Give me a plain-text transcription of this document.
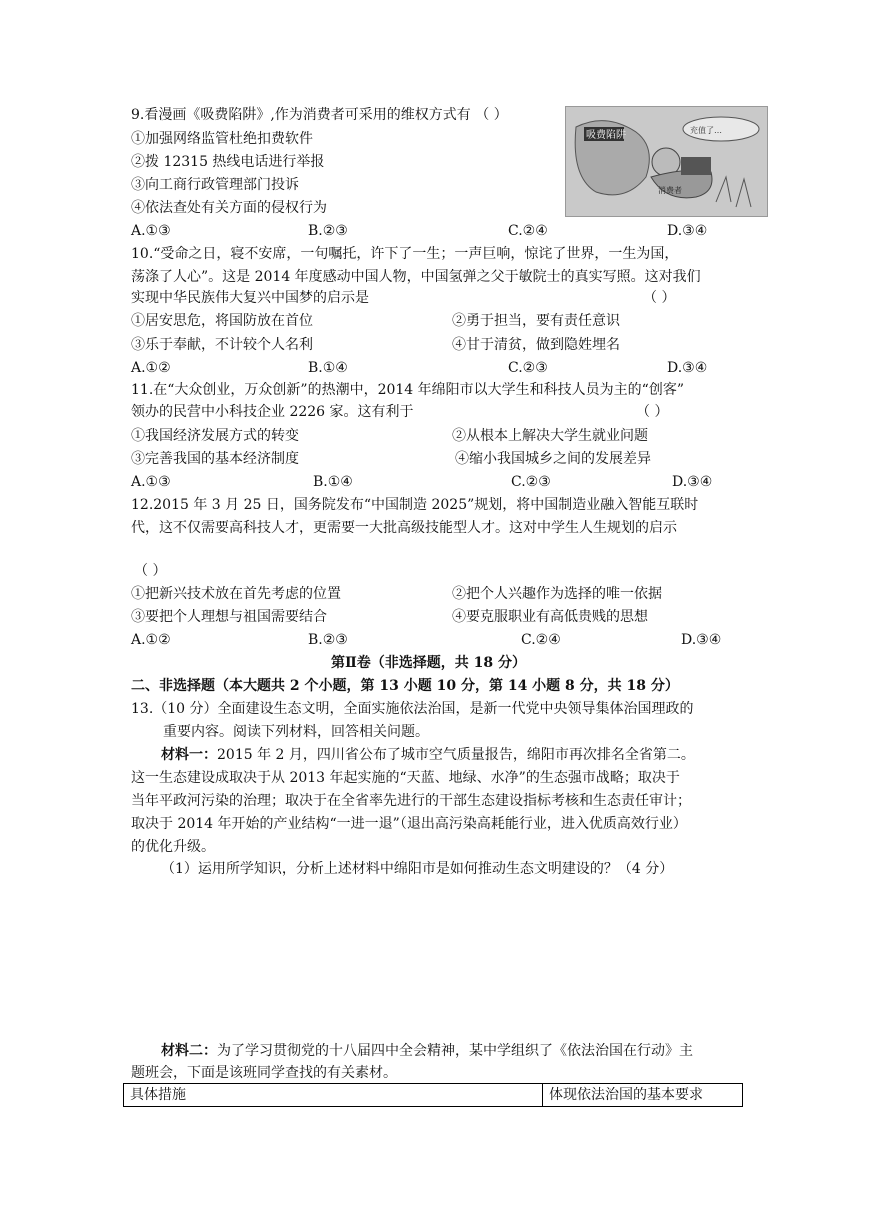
9.看漫画《吸费陷阱》,作为消费者可采用的维权方式有 （ ）
①加强网络监管杜绝扣费软件
②拨 12315 热线电话进行举报
③向工商行政管理部门投诉
④依法查处有关方面的侵权行为
A.①③	B.②③	C.②④	D.③④
吸费陷阱	充值了…
消费者
10.“受命之日，寝不安席，一句嘱托，许下了一生；一声巨响，惊诧了世界，一生为国，
荡涤了人心”。这是 2014 年度感动中国人物，中国氢弹之父于敏院士的真实写照。这对我们
实现中华民族伟大复兴中国梦的启示是	（ ）
①居安思危，将国防放在首位	②勇于担当，要有责任意识
③乐于奉献，不计较个人名利	④甘于清贫，做到隐姓埋名
A.①②	B.①④	C.②③	D.③④
11.在“大众创业，万众创新”的热潮中，2014 年绵阳市以大学生和科技人员为主的“创客”
领办的民营中小科技企业 2226 家。这有利于	（ ）
①我国经济发展方式的转变	②从根本上解决大学生就业问题
③完善我国的基本经济制度	④缩小我国城乡之间的发展差异
A.①③	B.①④	C.②③	D.③④
12.2015 年 3 月 25 日，国务院发布“中国制造 2025”规划，将中国制造业融入智能互联时
代，这不仅需要高科技人才，更需要一大批高级技能型人才。这对中学生人生规划的启示
（ ）
①把新兴技术放在首先考虑的位置	②把个人兴趣作为选择的唯一依据
③要把个人理想与祖国需要结合	④要克服职业有高低贵贱的思想
A.①②	B.②③	C.②④	D.③④
第Ⅱ卷（非选择题，共 18 分）
二、非选择题（本大题共 2 个小题，第 13 小题 10 分，第 14 小题 8 分，共 18 分）
13.（10 分）全面建设生态文明，全面实施依法治国，是新一代党中央领导集体治国理政的
重要内容。阅读下列材料，回答相关问题。
材料一：2015 年 2 月，四川省公布了城市空气质量报告，绵阳市再次排名全省第二。
这一生态建设成取决于从 2013 年起实施的“天蓝、地绿、水净”的生态强市战略；取决于
当年平政河污染的治理；取决于在全省率先进行的干部生态建设指标考核和生态责任审计；
取决于 2014 年开始的产业结构“一进一退”（退出高污染高耗能行业，进入优质高效行业）
的优化升级。
（1）运用所学知识，分析上述材料中绵阳市是如何推动生态文明建设的？（4 分）
材料二：为了学习贯彻党的十八届四中全会精神，某中学组织了《依法治国在行动》主
题班会，下面是该班同学查找的有关素材。
具体措施	体现依法治国的基本要求
